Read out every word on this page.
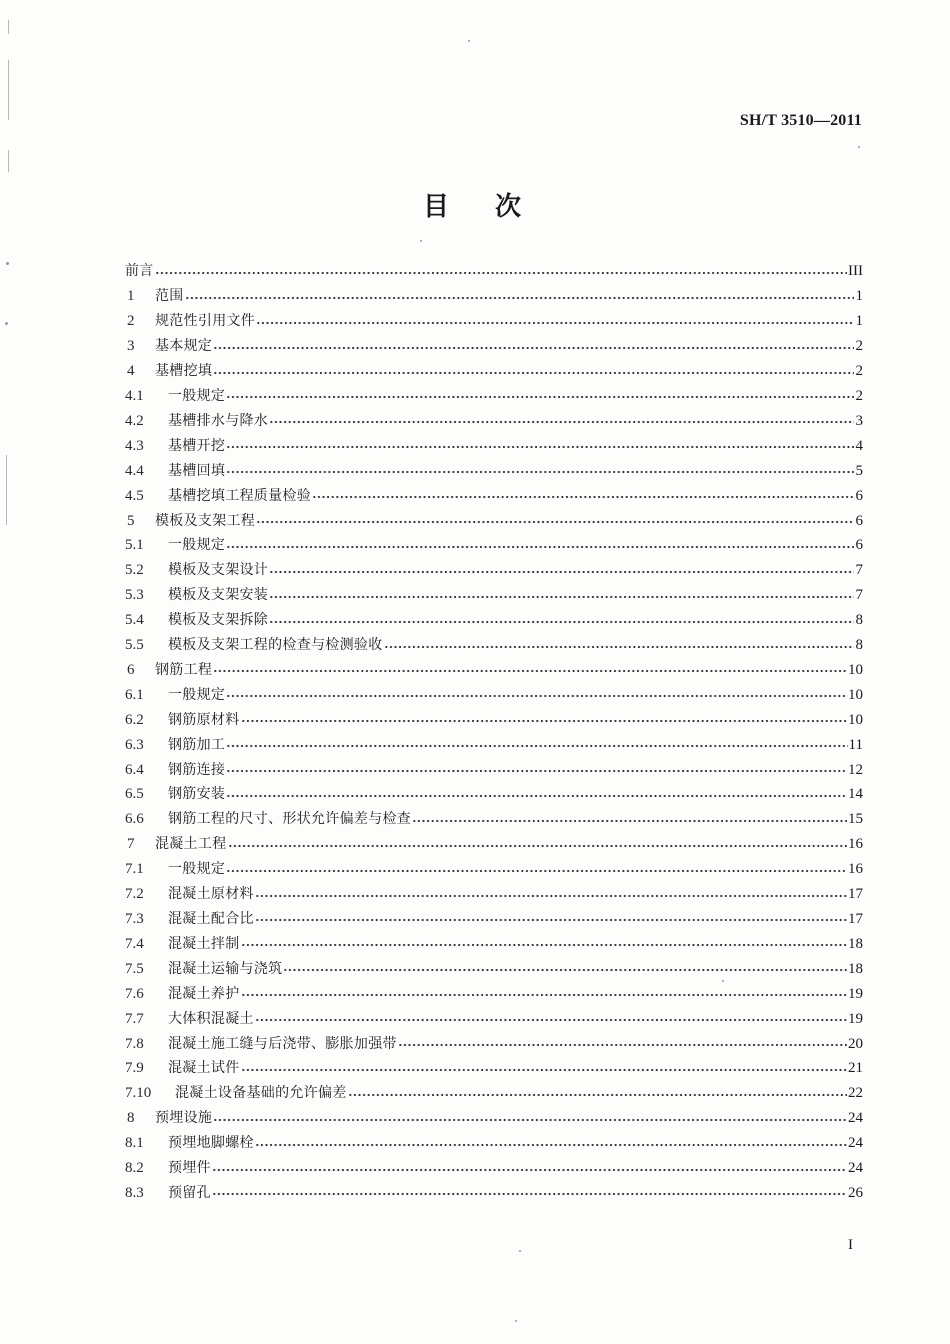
SH/T 3510—2011
目次
前言	III
1	范围	1
2	规范性引用文件	1
3	基本规定	2
4	基槽挖填	2
4.1	一般规定	2
4.2	基槽排水与降水	3
4.3	基槽开挖	4
4.4	基槽回填	5
4.5	基槽挖填工程质量检验	6
5	模板及支架工程	6
5.1	一般规定	6
5.2	模板及支架设计	7
5.3	模板及支架安装	7
5.4	模板及支架拆除	8
5.5	模板及支架工程的检查与检测验收	8
6	钢筋工程	10
6.1	一般规定	10
6.2	钢筋原材料	10
6.3	钢筋加工	11
6.4	钢筋连接	12
6.5	钢筋安装	14
6.6	钢筋工程的尺寸、形状允许偏差与检查	15
7	混凝土工程	16
7.1	一般规定	16
7.2	混凝土原材料	17
7.3	混凝土配合比	17
7.4	混凝土拌制	18
7.5	混凝土运输与浇筑	18
7.6	混凝土养护	19
7.7	大体积混凝土	19
7.8	混凝土施工缝与后浇带、膨胀加强带	20
7.9	混凝土试件	21
7.10	混凝土设备基础的允许偏差	22
8	预埋设施	24
8.1	预埋地脚螺栓	24
8.2	预埋件	24
8.3	预留孔	26
I
